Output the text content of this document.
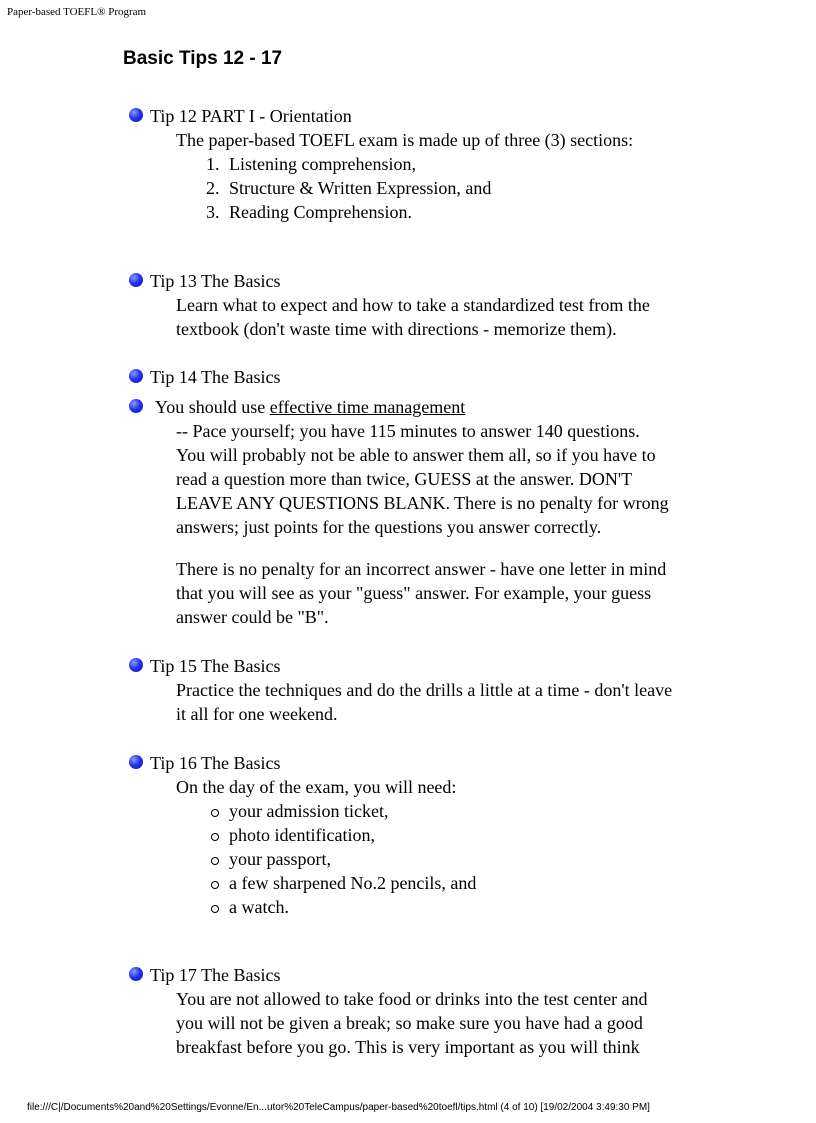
Paper-based TOEFL® Program
Basic Tips 12 - 17
Tip 12 PART I - Orientation
The paper-based TOEFL exam is made up of three (3) sections:
1. Listening comprehension,
2. Structure & Written Expression, and
3. Reading Comprehension.
Tip 13 The Basics
Learn what to expect and how to take a standardized test from the
textbook (don't waste time with directions - memorize them).
Tip 14 The Basics
You should use effective time management

-- Pace yourself; you have 115 minutes to answer 140 questions.
You will probably not be able to answer them all, so if you have to
read a question more than twice, GUESS at the answer. DON'T
LEAVE ANY QUESTIONS BLANK. There is no penalty for wrong
answers; just points for the questions you answer correctly.

There is no penalty for an incorrect answer - have one letter in mind
that you will see as your "guess" answer. For example, your guess
answer could be "B".

Tip 15 The Basics
Practice the techniques and do the drills a little at a time - don't leave
it all for one weekend.
Tip 16 The Basics
On the day of the exam, you will need:
your admission ticket,
photo identification,
your passport,
a few sharpened No.2 pencils, and
a watch.
Tip 17 The Basics
You are not allowed to take food or drinks into the test center and
you will not be given a break; so make sure you have had a good
breakfast before you go. This is very important as you will think
file:///C|/Documents%20and%20Settings/Evonne/En...utor%20TeleCampus/paper-based%20toefl/tips.html (4 of 10) [19/02/2004 3:49:30 PM]
